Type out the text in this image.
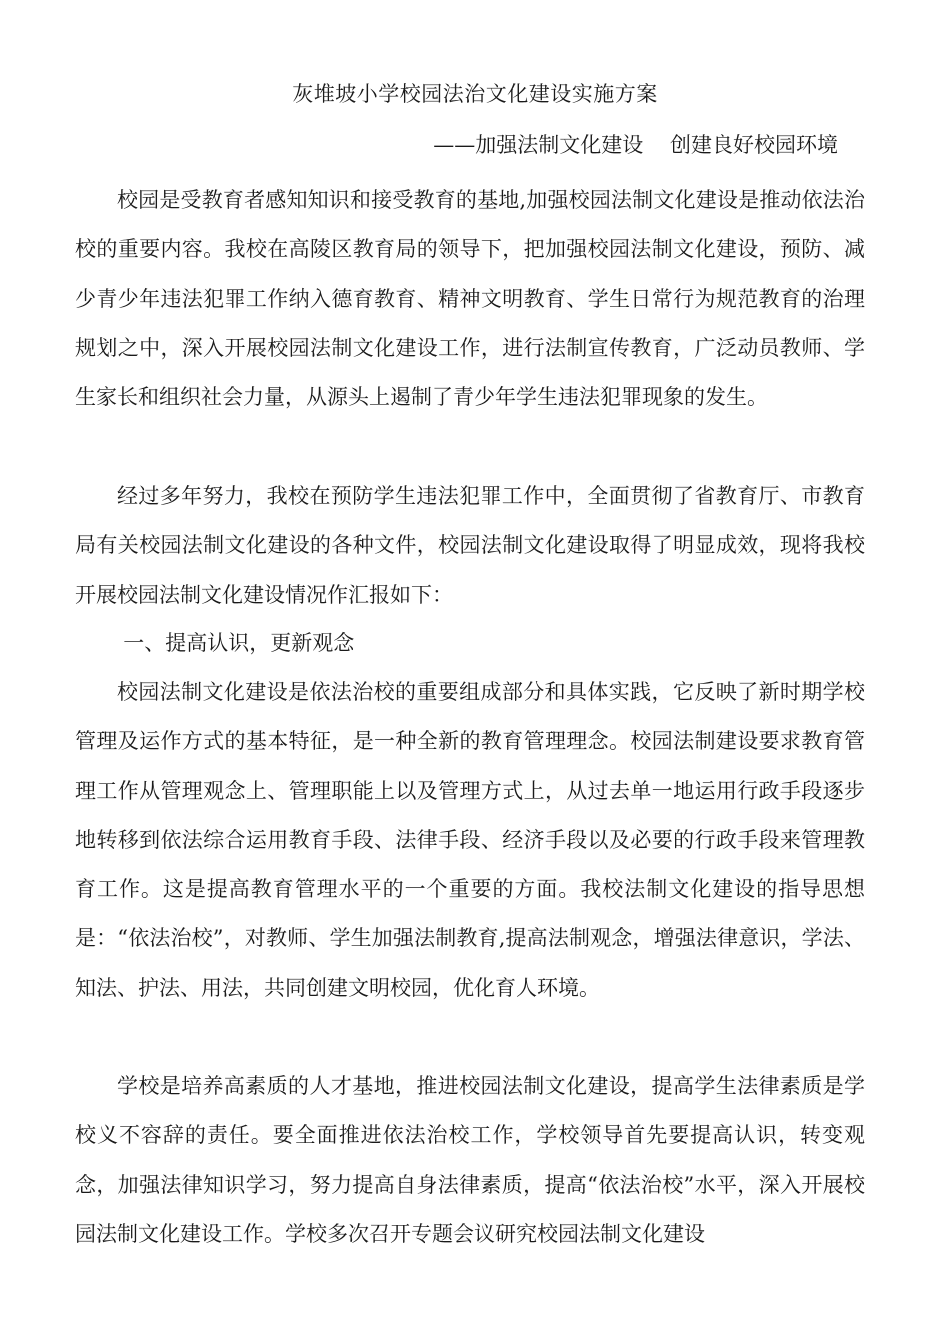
灰堆坡小学校园法治文化建设实施方案
——加强法制文化建设    创建良好校园环境

校园是受教育者感知知识和接受教育的基地,加强校园法制文化建设是推动依法治校的重要内容。我校在高陵区教育局的领导下，把加强校园法制文化建设，预防、减少青少年违法犯罪工作纳入德育教育、精神文明教育、学生日常行为规范教育的治理规划之中，深入开展校园法制文化建设工作，进行法制宣传教育，广泛动员教师、学生家长和组织社会力量，从源头上遏制了青少年学生违法犯罪现象的发生。

经过多年努力，我校在预防学生违法犯罪工作中，全面贯彻了省教育厅、市教育局有关校园法制文化建设的各种文件，校园法制文化建设取得了明显成效，现将我校开展校园法制文化建设情况作汇报如下：

一、提高认识，更新观念

校园法制文化建设是依法治校的重要组成部分和具体实践，它反映了新时期学校管理及运作方式的基本特征，是一种全新的教育管理理念。校园法制建设要求教育管理工作从管理观念上、管理职能上以及管理方式上，从过去单一地运用行政手段逐步地转移到依法综合运用教育手段、法律手段、经济手段以及必要的行政手段来管理教育工作。这是提高教育管理水平的一个重要的方面。我校法制文化建设的指导思想是：“依法治校”，对教师、学生加强法制教育,提高法制观念，增强法律意识，学法、知法、护法、用法，共同创建文明校园，优化育人环境。

学校是培养高素质的人才基地，推进校园法制文化建设，提高学生法律素质是学校义不容辞的责任。要全面推进依法治校工作，学校领导首先要提高认识，转变观念，加强法律知识学习，努力提高自身法律素质，提高“依法治校”水平，深入开展校园法制文化建设工作。学校多次召开专题会议研究校园法制文化建设
